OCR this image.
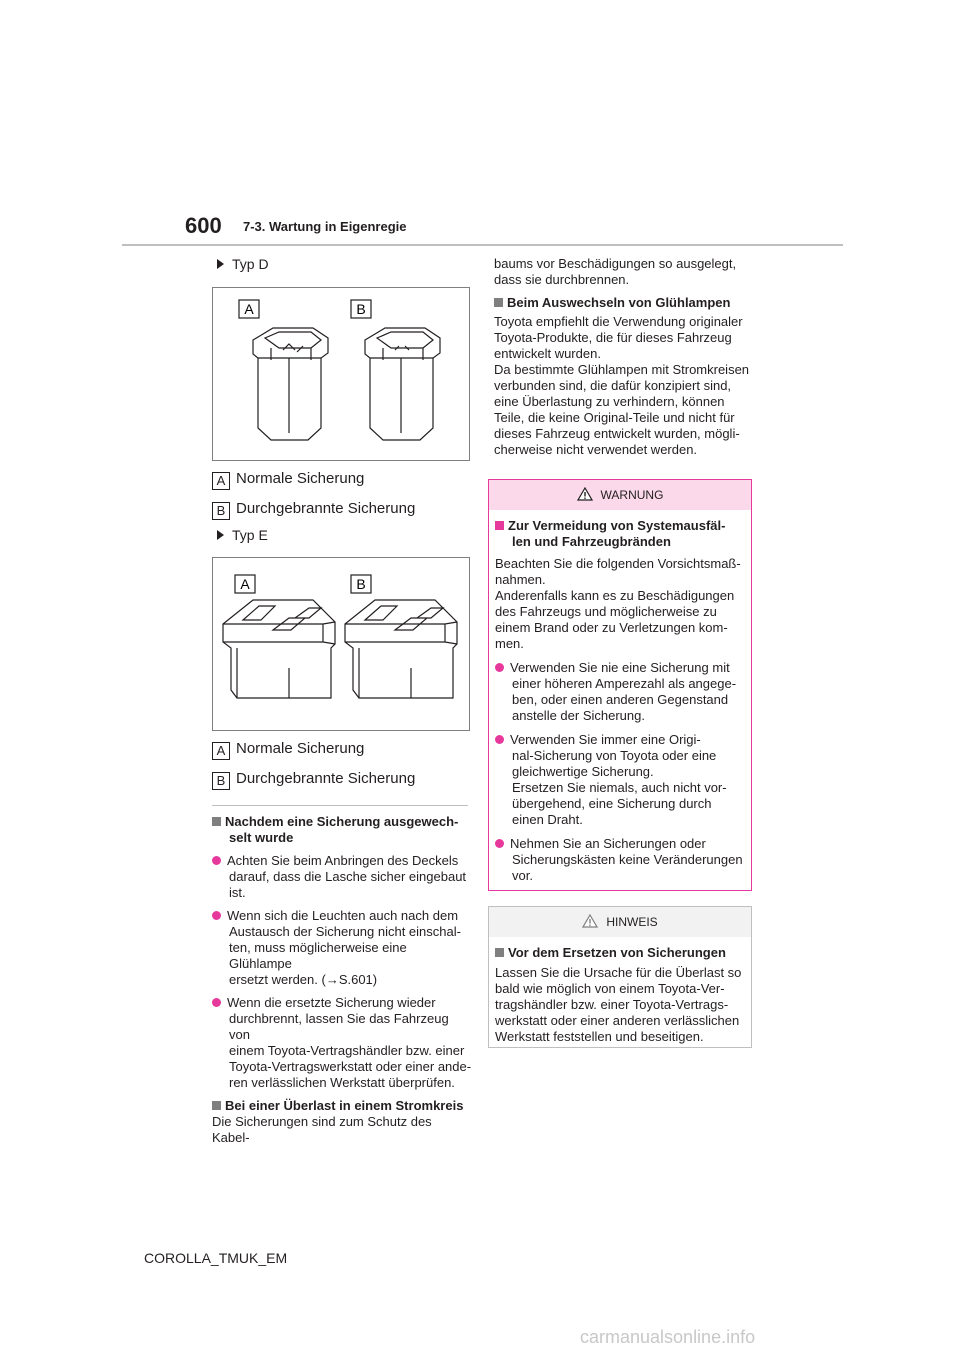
600 7-3. Wartung in Eigenregie
Typ D
A	B
A Normale Sicherung
B Durchgebrannte Sicherung
Typ E
A	B
A Normale Sicherung
B Durchgebrannte Sicherung

Nachdem eine Sicherung ausgewech-

selt wurde

Achten Sie beim Anbringen des Deckels

darauf, dass die Lasche sicher eingebaut

ist.

Wenn sich die Leuchten auch nach dem

Austausch der Sicherung nicht einschal-

ten, muss möglicherweise eine Glühlampe

ersetzt werden. (→S.601)

Wenn die ersetzte Sicherung wieder

durchbrennt, lassen Sie das Fahrzeug von

einem Toyota-Vertragshändler bzw. einer

Toyota-Vertragswerkstatt oder einer ande-

ren verlässlichen Werkstatt überprüfen.

Bei einer Überlast in einem Stromkreis

Die Sicherungen sind zum Schutz des Kabel-

baums vor Beschädigungen so ausgelegt,

dass sie durchbrennen.

Beim Auswechseln von Glühlampen

Toyota empfiehlt die Verwendung originaler

Toyota-Produkte, die für dieses Fahrzeug

entwickelt wurden.

Da bestimmte Glühlampen mit Stromkreisen

verbunden sind, die dafür konzipiert sind,

eine Überlastung zu verhindern, können

Teile, die keine Original-Teile und nicht für

dieses Fahrzeug entwickelt wurden, mögli-

cherweise nicht verwendet werden.

WARNUNG

Zur Vermeidung von Systemausfäl-

len und Fahrzeugbränden

Beachten Sie die folgenden Vorsichtsmaß-

nahmen.

Anderenfalls kann es zu Beschädigungen

des Fahrzeugs und möglicherweise zu

einem Brand oder zu Verletzungen kom-

men.

Verwenden Sie nie eine Sicherung mit

einer höheren Amperezahl als angege-

ben, oder einen anderen Gegenstand

anstelle der Sicherung.

Verwenden Sie immer eine Origi-

nal-Sicherung von Toyota oder eine

gleichwertige Sicherung.

Ersetzen Sie niemals, auch nicht vor-

übergehend, eine Sicherung durch

einen Draht.

Nehmen Sie an Sicherungen oder

Sicherungskästen keine Veränderungen

vor.

HINWEIS

Vor dem Ersetzen von Sicherungen

Lassen Sie die Ursache für die Überlast so

bald wie möglich von einem Toyota-Ver-

tragshändler bzw. einer Toyota-Vertrags-

werkstatt oder einer anderen verlässlichen

Werkstatt feststellen und beseitigen.

COROLLA_TMUK_EM
carmanualsonline.info
